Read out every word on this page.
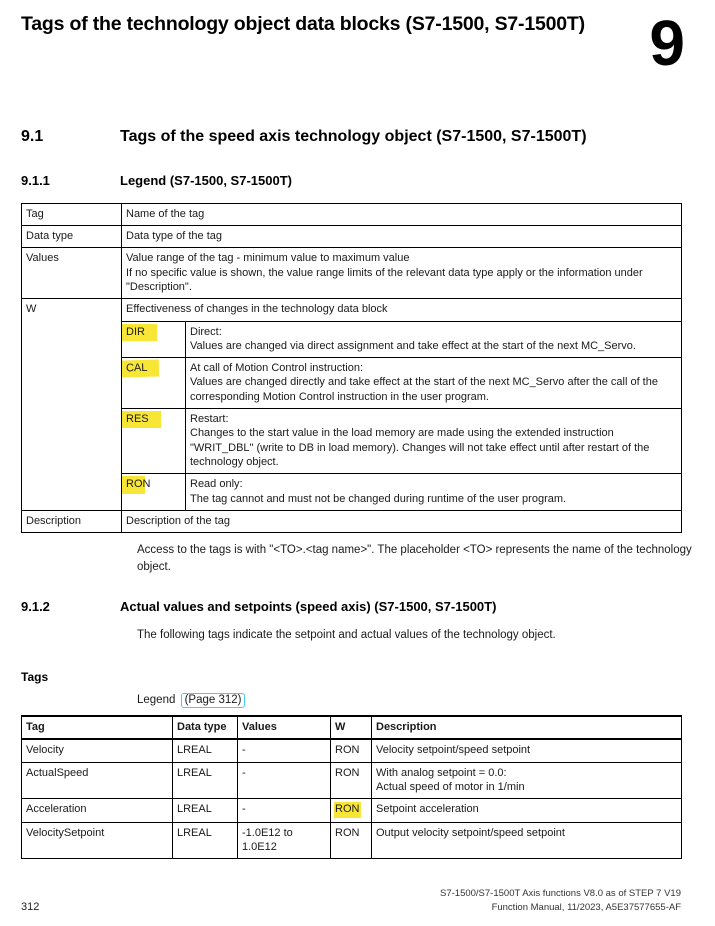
Tags of the technology object data blocks (S7-1500, S7-1500T)	9
9.1	Tags of the speed axis technology object (S7-1500, S7-1500T)
9.1.1	Legend (S7-1500, S7-1500T)
Tag	Name of the tag	
Data type	Data type of the tag	
Values	Value range of the tag - minimum value to maximum value
If no specific value is shown, the value range limits of the relevant data type apply or the information under "Description".	

W	Effectiveness of changes in the technology data block	
	DIR	Direct:
Values are changed via direct assignment and take effect at the start of the next MC_Servo.

	CAL	At call of Motion Control instruction:
Values are changed directly and take effect at the start of the next MC_Servo after the call of the corresponding Motion Control instruction in the user program.

	RES	Restart:
Changes to the start value in the load memory are made using the extended instruction "WRIT_DBL" (write to DB in load memory). Changes will not take effect until after restart of the technology object.

	RON	Read only:
The tag cannot and must not be changed during runtime of the user program.

Description	Description of the tag	

Access to the tags is with "<TO>.<tag name>". The placeholder <TO> represents the name of the technology object.

9.1.2	Actual values and setpoints (speed axis) (S7-1500, S7-1500T)

The following tags indicate the setpoint and actual values of the technology object.

Tags
Legend (Page 312)
Tag	Data type	Values	W	Description
Velocity	LREAL	-	RON	Velocity setpoint/speed setpoint
ActualSpeed	LREAL	-	RON	With analog setpoint = 0.0:
Actual speed of motor in 1/min

Acceleration	LREAL	-	RON	Setpoint acceleration
VelocitySetpoint	LREAL	-1.0E12 to 1.0E12	RON	Output velocity setpoint/speed setpoint
312
S7-1500/S7-1500T Axis functions V8.0 as of STEP 7 V19
Function Manual, 11/2023, A5E37577655-AF
